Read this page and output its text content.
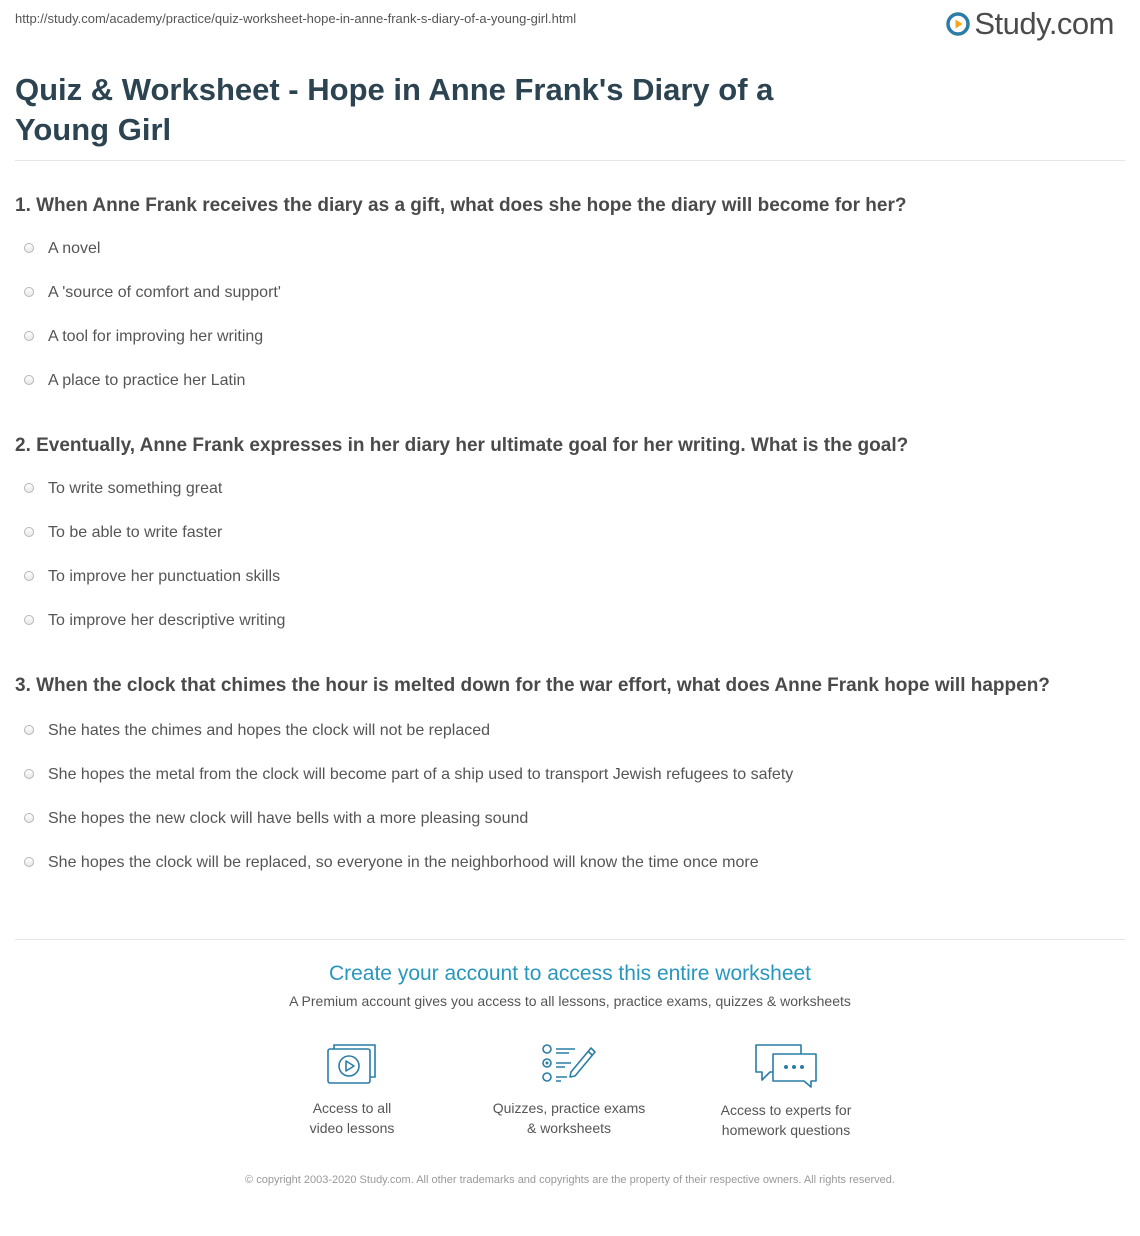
http://study.com/academy/practice/quiz-worksheet-hope-in-anne-frank-s-diary-of-a-young-girl.html	Study.com
Quiz & Worksheet - Hope in Anne Frank's Diary of a Young Girl

1. When Anne Frank receives the diary as a gift, what does she hope the diary will become for her?

A novel
A 'source of comfort and support'
A tool for improving her writing
A place to practice her Latin

2. Eventually, Anne Frank expresses in her diary her ultimate goal for her writing. What is the goal?

To write something great
To be able to write faster
To improve her punctuation skills
To improve her descriptive writing

3. When the clock that chimes the hour is melted down for the war effort, what does Anne Frank hope will happen?

She hates the chimes and hopes the clock will not be replaced
She hopes the metal from the clock will become part of a ship used to transport Jewish refugees to safety
She hopes the new clock will have bells with a more pleasing sound
She hopes the clock will be replaced, so everyone in the neighborhood will know the time once more
Create your account to access this entire worksheet
A Premium account gives you access to all lessons, practice exams, quizzes & worksheets
Access to all
video lessons
Quizzes, practice exams
& worksheets
Access to experts for
homework questions
© copyright 2003-2020 Study.com. All other trademarks and copyrights are the property of their respective owners. All rights reserved.
